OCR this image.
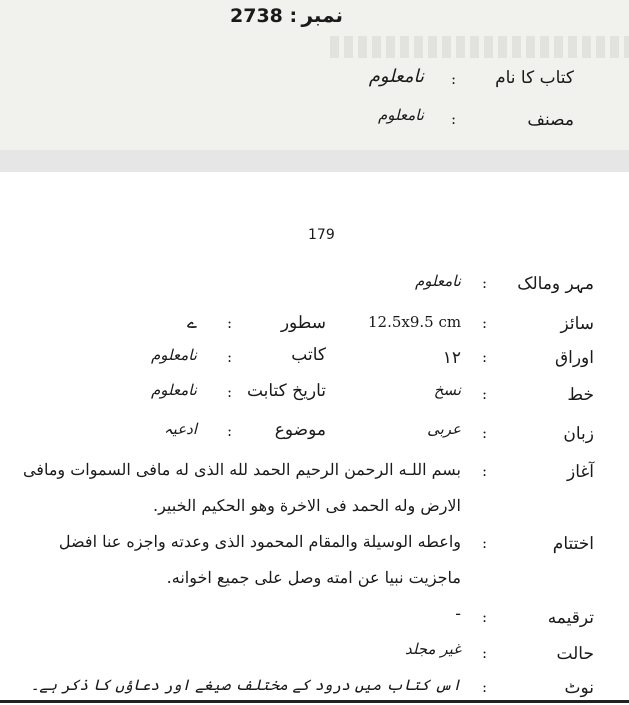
2738 : نمبر
كتاب كا نام
:
نامعلوم
مصنف
:
نامعلوم
179
مہر ومالک
:
نامعلوم
سائز
:
12.5x9.5 cm
سطور
:
ے
اوراق
:
۱۲
کاتب
:
نامعلوم
خط
:
نسخ
تاریخ کتابت
:
نامعلوم
زبان
:
عربی
موضوع
:
ادعیہ
آغاز
:
بسم اللـه الرحمن الرحيم الحمد لله الذى له مافى السموات ومافى
الارض وله الحمد فى الاخرة وهو الحكيم الخبير.
اختتام
:
واعطه الوسيلة والمقام المحمود الذى وعدته واجزه عنا افضل
ماجزيت نبيا عن امته وصل على جميع اخوانه.
ترقیمه
:
-
حالت
:
غیر مجلد
نوٹ
:
اس کتاب میں درود کے مختلف صیغے اور دعاؤں کا ذکر ہے۔
